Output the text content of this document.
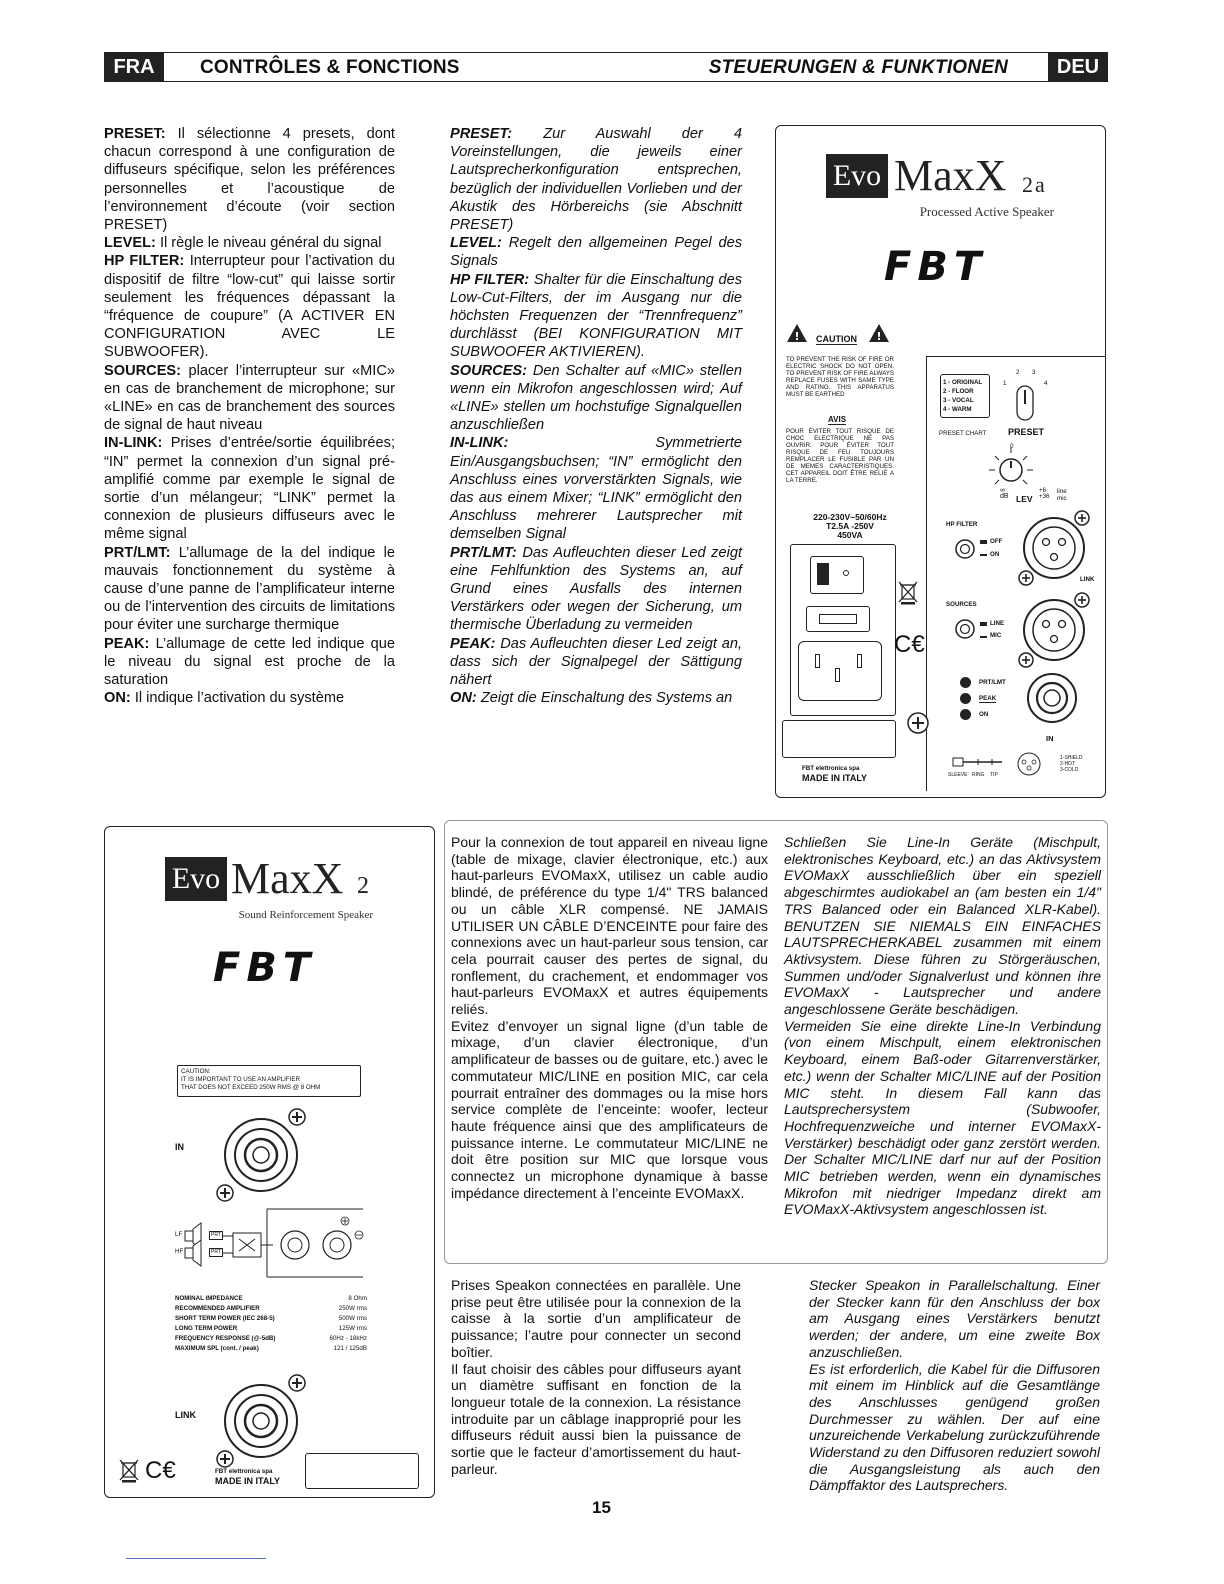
FRA	CONTRÔLES & FONCTIONS	STEUERUNGEN & FUNKTIONEN	DEU

PRESET: Il sélectionne 4 presets, dont chacun correspond à une configuration de diffuseurs spécifique, selon les préférences personnelles et l’acoustique de l’environnement d’écoute (voir section PRESET)

LEVEL: Il règle le niveau général du signal

HP FILTER: Interrupteur pour l’activation du dispositif de filtre “low-cut” qui laisse sortir seulement les fréquences dépassant la “fréquence de coupure” (A ACTIVER EN CONFIGURATION AVEC LE SUBWOOFER).

SOURCES: placer l’interrupteur sur «MIC» en cas de branchement de microphone; sur «LINE» en cas de branchement des sources de signal de haut niveau

IN-LINK: Prises d’entrée/sortie équilibrées; “IN” permet la connexion d’un signal pré-amplifié comme par exemple le signal de sortie d’un mélangeur; “LINK” permet la connexion de plusieurs diffuseurs avec le même signal

PRT/LMT: L’allumage de la del indique le mauvais fonctionnement du système à cause d’une panne de l’amplificateur interne ou de l’intervention des circuits de limitations pour éviter une surcharge thermique

PEAK: L’allumage de cette led indique que le niveau du signal est proche de la saturation

ON: Il indique l’activation du système

PRESET: Zur Auswahl der 4 Voreinstellungen, die jeweils einer Lautsprecherkonfiguration entsprechen, bezüglich der individuellen Vorlieben und der Akustik des Hörbereichs (sie Abschnitt PRESET)

LEVEL: Regelt den allgemeinen Pegel des Signals

HP FILTER: Shalter für die Einschaltung des Low-Cut-Filters, der im Ausgang nur die höchsten Frequenzen der “Trennfrequenz” durchlässt (BEI KONFIGURATION MIT SUBWOOFER AKTIVIEREN).

SOURCES: Den Schalter auf «MIC» stellen wenn ein Mikrofon angeschlossen wird; Auf «LINE» stellen um hochstufige Signalquellen anzuschließen

IN-LINK: Symmetrierte Ein/Ausgangsbuchsen; “IN” ermöglicht den Anschluss eines vorverstärkten Signals, wie das aus einem Mixer; “LINK” ermöglicht den Anschluss mehrerer Lautsprecher mit demselben Signal

PRT/LMT: Das Aufleuchten dieser Led zeigt eine Fehlfunktion des Systems an, auf Grund eines Ausfalls des internen Verstärkers oder wegen der Sicherung, um thermische Überladung zu vermeiden

PEAK: Das Aufleuchten dieser Led zeigt an, dass sich der Signalpegel der Sättigung nähert

ON: Zeigt die Einschaltung des Systems an

Evo MaxX 2a
Processed Active Speaker
FBT
! CAUTION !
TO PREVENT THE RISK OF FIRE OR ELECTRIC SHOCK DO NOT OPEN. TO PREVENT RISK OF FIRE ALWAYS REPLACE FUSES WITH SAME TYPE AND RATING. THIS APPARATUS MUST BE EARTHED
AVIS
POUR ÉVITER TOUT RISQUE DE CHOC ELECTRIQUE NE PAS OUVRIR. POUR ÉVITER TOUT RISQUE DE FEU TOUJOURS REMPLACER LE FUSIBLE PAR UN DE MEMES CARACTERISTIQUES. CET APPAREIL DOIT ÊTRE RELIÉ A LA TERRE.
1 - ORIGINAL
2 - FLOOR
3 - VOCAL
4 - WARM
PRESET CHART
1
2 3
4
PRESET
0
∞
dB LEV
+6
+36
line
mic
220-230V~50/60Hz
T2.5A -250V
450VA
C​€
FBT elettronica spa
MADE IN ITALY
HP FILTER
OFF
ON
SOURCES
LINE
MIC
LINK
PRT/LMT
PEAK
ON
IN
SLEEVE RING TIP
1-SHIELD
2-HOT
3-COLD
Evo MaxX 2
Sound Reinforcement Speaker
FBT
CAUTION:
IT IS IMPORTANT TO USE AN AMPLIFIER
THAT DOES NOT EXCEED 250W RMS @ 8 OHM
IN
LF
HF
PRT
PRT
NOMINAL IMPEDANCE	8 Ohm
RECOMMENDED AMPLIFIER	250W rms
SHORT TERM POWER (IEC 268-5)	500W rms
LONG TERM POWER	125W rms
FREQUENCY RESPONSE (@-5dB)	60Hz - 18kHz
MAXIMUM SPL (cont. / peak)	121 / 125dB
LINK
C​€	FBT elettronica spa
MADE IN ITALY

Pour la connexion de tout appareil en niveau ligne (table de mixage, clavier électronique, etc.) aux haut-parleurs EVOMaxX, utilisez un cable audio blindé, de préférence du type 1/4" TRS balanced ou un câble XLR compensé. NE JAMAIS UTILISER UN CÂBLE D’ENCEINTE pour faire des connexions avec un haut-parleur sous tension, car cela pourrait causer des pertes de signal, du ronflement, du crachement, et endommager vos haut-parleurs EVOMaxX et autres équipements reliés.

Evitez d’envoyer un signal ligne (d’un table de mixage, d’un clavier électronique, d’un amplificateur de basses ou de guitare, etc.) avec le commutateur MIC/LINE en position MIC, car cela pourrait entraîner des dommages ou la mise hors service complète de l’enceinte: woofer, lecteur haute fréquence ainsi que des amplificateurs de puissance interne. Le commutateur MIC/LINE ne doit être position sur MIC que lorsque vous connectez un microphone dynamique à basse impédance directement à l’enceinte EVOMaxX.

Schließen Sie Line-In Geräte (Mischpult, elektronisches Keyboard, etc.) an das Aktivsystem EVOMaxX ausschließlich über ein speziell abgeschirmtes audiokabel an (am besten ein 1/4" TRS Balanced oder ein Balanced XLR-Kabel). BENUTZEN SIE NIEMALS EIN EINFACHES LAUTSPRECHERKABEL zusammen mit einem Aktivsystem. Diese führen zu Störgeräuschen, Summen und/oder Signalverlust und können ihre EVOMaxX - Lautsprecher und andere angeschlossene Geräte beschädigen.

Vermeiden Sie eine direkte Line-In Verbindung (von einem Mischpult, einem elektronischen Keyboard, einem Baß-oder Gitarrenverstärker, etc.) wenn der Schalter MIC/LINE auf der Position MIC steht. In diesem Fall kann das Lautsprechersystem (Subwoofer, Hochfrequenzweiche und interner EVOMaxX-Verstärker) beschädigt oder ganz zerstört werden. Der Schalter MIC/LINE darf nur auf der Position MIC betrieben werden, wenn ein dynamisches Mikrofon mit niedriger Impedanz direkt am EVOMaxX-Aktivsystem angeschlossen ist.

Prises Speakon connectées en parallèle. Une prise peut être utilisée pour la connexion de la caisse à la sortie d’un amplificateur de puissance; l’autre pour connecter un second boîtier.

Il faut choisir des câbles pour diffuseurs ayant un diamètre suffisant en fonction de la longueur totale de la connexion. La résistance introduite par un câblage inapproprié pour les diffuseurs réduit aussi bien la puissance de sortie que le facteur d’amortissement du haut-parleur.

Stecker Speakon in Parallelschaltung. Einer der Stecker kann für den Anschluss der box am Ausgang eines Verstärkers benutzt werden; der andere, um eine zweite Box anzuschließen.

Es ist erforderlich, die Kabel für die Diffusoren mit einem im Hinblick auf die Gesamtlänge des Anschlusses genügend großen Durchmesser zu wählen. Der auf eine unzureichende Verkabelung zurückzuführende Widerstand zu den Diffusoren reduziert sowohl die Ausgangsleistung als auch den Dämpffaktor des Lautsprechers.

15
